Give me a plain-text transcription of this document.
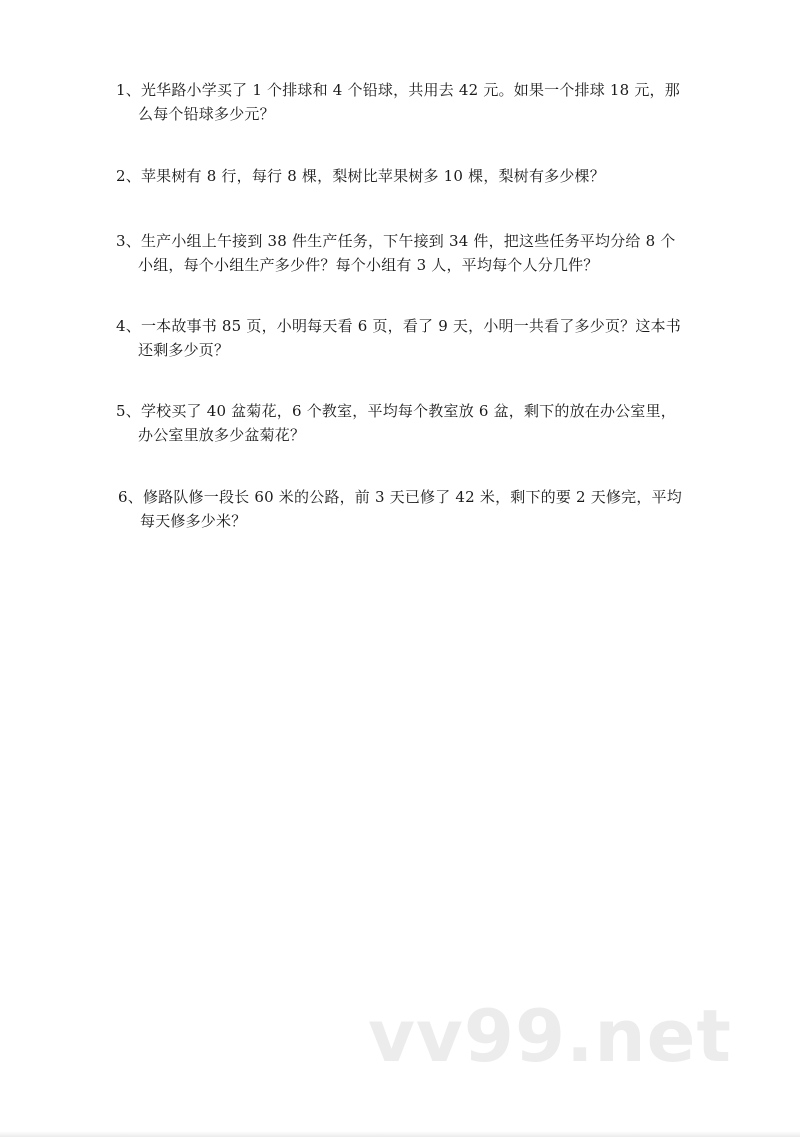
1、光华路小学买了 1 个排球和 4 个铅球，共用去 42 元。如果一个排球 18 元，那
么每个铅球多少元？
2、苹果树有 8 行，每行 8 棵，梨树比苹果树多 10 棵，梨树有多少棵？
3、生产小组上午接到 38 件生产任务，下午接到 34 件，把这些任务平均分给 8 个
小组，每个小组生产多少件？每个小组有 3 人，平均每个人分几件？
4、一本故事书 85 页，小明每天看 6 页，看了 9 天，小明一共看了多少页？这本书
还剩多少页？
5、学校买了 40 盆菊花，6 个教室，平均每个教室放 6 盆，剩下的放在办公室里，
办公室里放多少盆菊花？
6、修路队修一段长 60 米的公路，前 3 天已修了 42 米，剩下的要 2 天修完，平均
每天修多少米？
vv99.net
